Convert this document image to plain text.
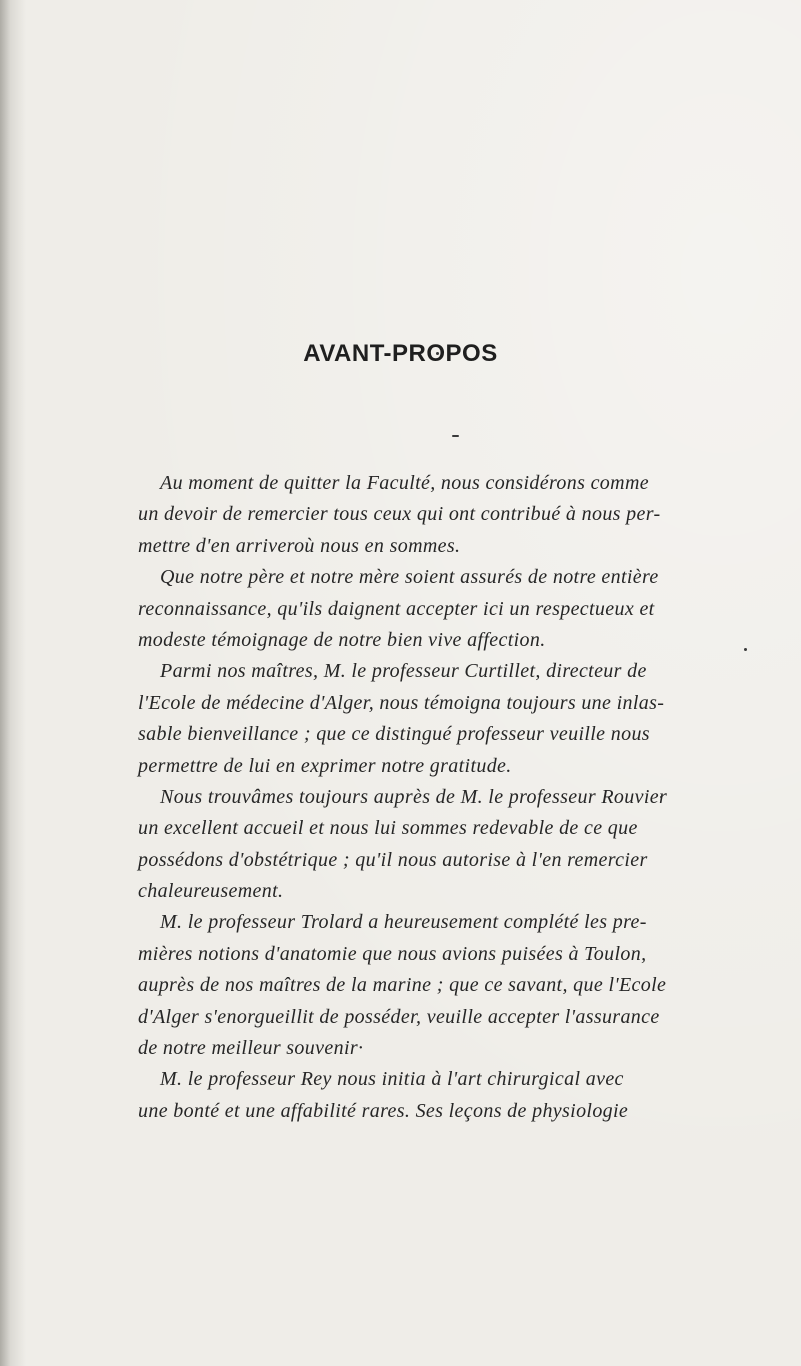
AVANT-PROPOS
Au moment de quitter la Faculté, nous considérons comme
un devoir de remercier tous ceux qui ont contribué à nous per-
mettre d'en arriveroù nous en sommes.
Que notre père et notre mère soient assurés de notre entière
reconnaissance, qu'ils daignent accepter ici un respectueux et
modeste témoignage de notre bien vive affection.
Parmi nos maîtres, M. le professeur Curtillet, directeur de
l'Ecole de médecine d'Alger, nous témoigna toujours une inlas-
sable bienveillance ; que ce distingué professeur veuille nous
permettre de lui en exprimer notre gratitude.
Nous trouvâmes toujours auprès de M. le professeur Rouvier
un excellent accueil et nous lui sommes redevable de ce que
possédons d'obstétrique ; qu'il nous autorise à l'en remercier
chaleureusement.
M. le professeur Trolard a heureusement complété les pre-
mières notions d'anatomie que nous avions puisées à Toulon,
auprès de nos maîtres de la marine ; que ce savant, que l'Ecole
d'Alger s'enorgueillit de posséder, veuille accepter l'assurance
de notre meilleur souvenir·
M. le professeur Rey nous initia à l'art chirurgical avec
une bonté et une affabilité rares. Ses leçons de physiologie
